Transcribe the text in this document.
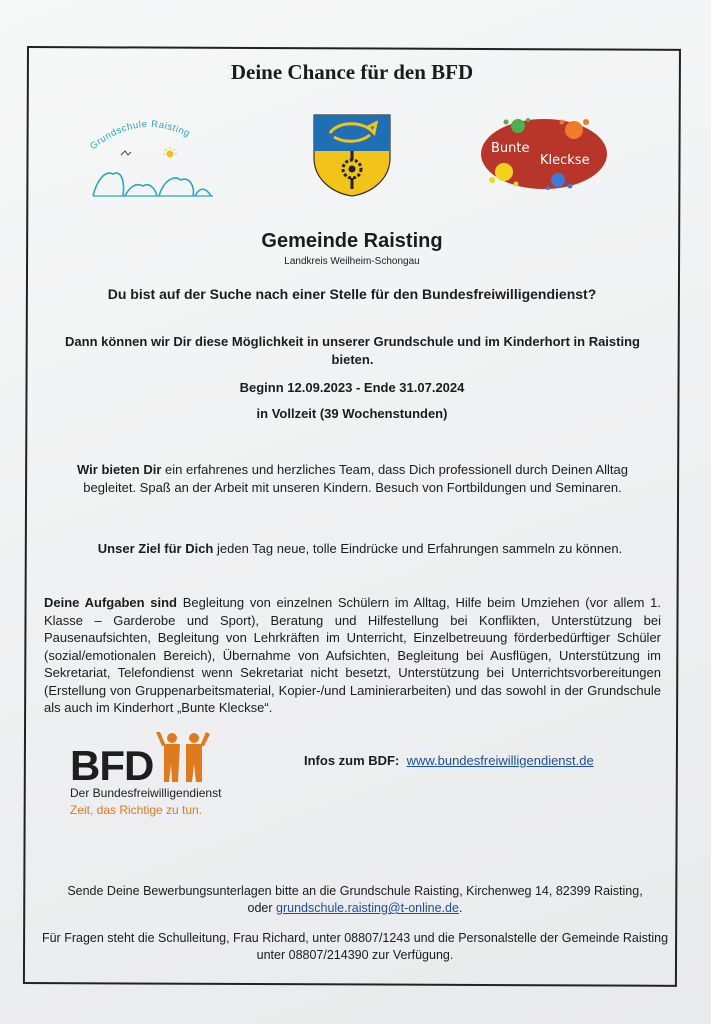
Deine Chance für den BFD
Grundschule Raisting
Bunte
Kleckse
Gemeinde Raisting
Landkreis Weilheim-Schongau
Du bist auf der Suche nach einer Stelle für den Bundesfreiwilligendienst?
Dann können wir Dir diese Möglichkeit in unserer Grundschule und im Kinderhort in Raisting bieten.
Beginn 12.09.2023 - Ende 31.07.2024
in Vollzeit (39 Wochenstunden)
Wir bieten Dir ein erfahrenes und herzliches Team, dass Dich professionell durch Deinen Alltag begleitet. Spaß an der Arbeit mit unseren Kindern. Besuch von Fortbildungen und Seminaren.
Unser Ziel für Dich jeden Tag neue, tolle Eindrücke und Erfahrungen sammeln zu können.
Deine Aufgaben sind Begleitung von einzelnen Schülern im Alltag, Hilfe beim Umziehen (vor allem 1. Klasse – Garderobe und Sport), Beratung und Hilfestellung bei Konflikten, Unterstützung bei Pausenaufsichten, Begleitung von Lehrkräften im Unterricht, Einzelbetreuung förderbedürftiger Schüler (sozial/emotionalen Bereich), Übernahme von Aufsichten, Begleitung bei Ausflügen, Unterstützung im Sekretariat, Telefondienst wenn Sekretariat nicht besetzt, Unterstützung bei Unterrichtsvorbereitungen (Erstellung von Gruppenarbeitsmaterial, Kopier-/und Laminierarbeiten) und das sowohl in der Grundschule als auch im Kinderhort „Bunte Kleckse“.
BFD
Der Bundesfreiwilligendienst
Zeit, das Richtige zu tun.
Infos zum BDF: www.bundesfreiwilligendienst.de
Sende Deine Bewerbungsunterlagen bitte an die Grundschule Raisting, Kirchenweg 14, 82399 Raisting,
oder grundschule.raisting@t-online.de.
Für Fragen steht die Schulleitung, Frau Richard, unter 08807/1243 und die Personalstelle der Gemeinde Raisting unter 08807/214390 zur Verfügung.
